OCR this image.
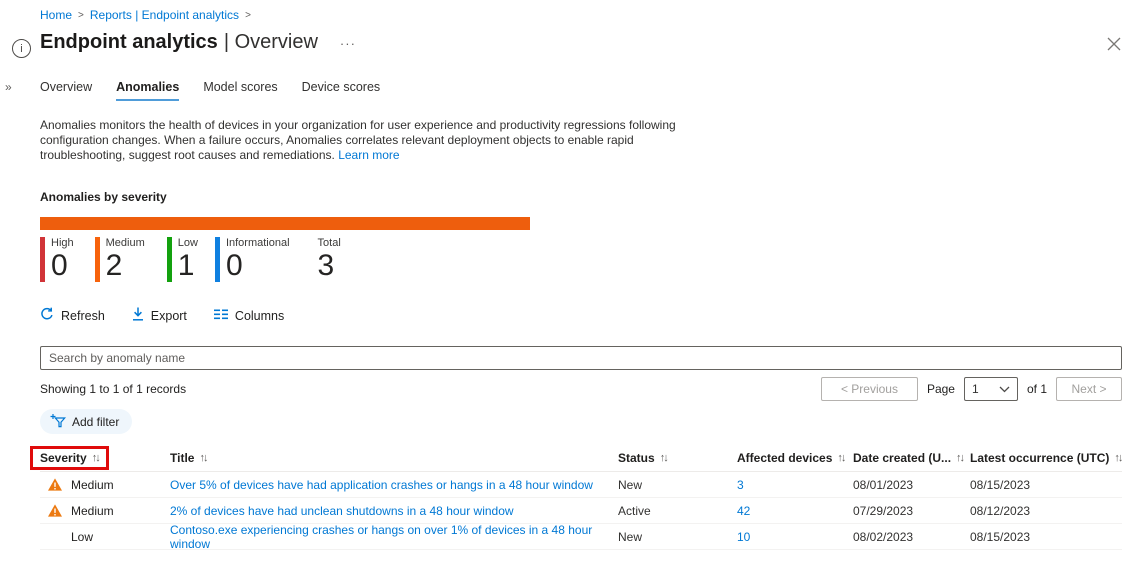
i
»
Home > Reports | Endpoint analytics >
Endpoint analytics | Overview ···
Overview Anomalies Model scores Device scores
Anomalies monitors the health of devices in your organization for user experience and productivity regressions following configuration changes. When a failure occurs, Anomalies correlates relevant deployment objects to enable rapid troubleshooting, suggest root causes and remediations. Learn more
Anomalies by severity
High
0
Medium
2
Low
1
Informational
0
Total
3
Refresh	Export	Columns
Search by anomaly name
Showing 1 to 1 of 1 records	< Previous	Page 1	of 1	Next >
Add filter
Severity ↑↓	Title ↑↓	Status ↑↓	Affected devices ↑↓ Date created (U... ↑↓ Latest occurrence (UTC) ↑↓
Medium	Over 5% of devices have had application crashes or hangs in a 48 hour window	New	3	08/01/2023	08/15/2023
Medium	2% of devices have had unclean shutdowns in a 48 hour window	Active	42	07/29/2023	08/12/2023
Low	Contoso.exe experiencing crashes or hangs on over 1% of devices in a 48 hour window	New	10	08/02/2023	08/15/2023
